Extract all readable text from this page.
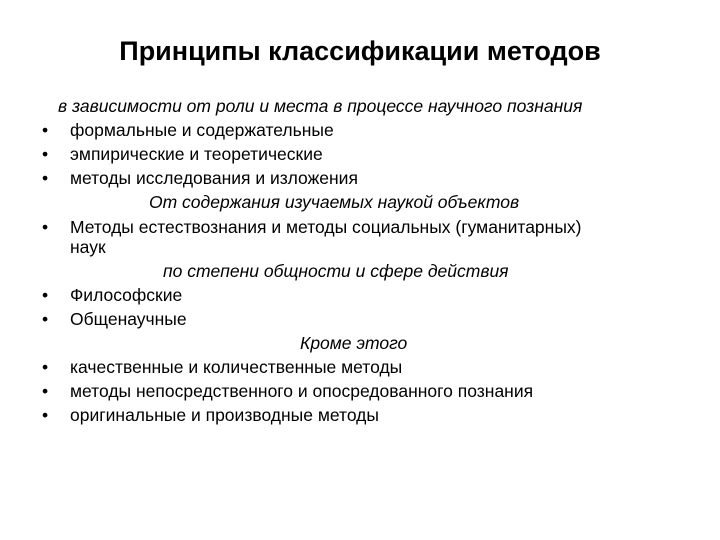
Принципы классификации методов
в зависимости от роли и места в процессе научного познания
• формальные и содержательные
• эмпирические и теоретические
• методы исследования и изложения
От содержания изучаемых наукой объектов
• Методы естествознания и методы социальных (гуманитарных)
наук
по степени общности и сфере действия
• Философские
• Общенаучные
Кроме этого
• качественные и количественные методы
• методы непосредственного и опосредованного познания
• оригинальные и производные методы
